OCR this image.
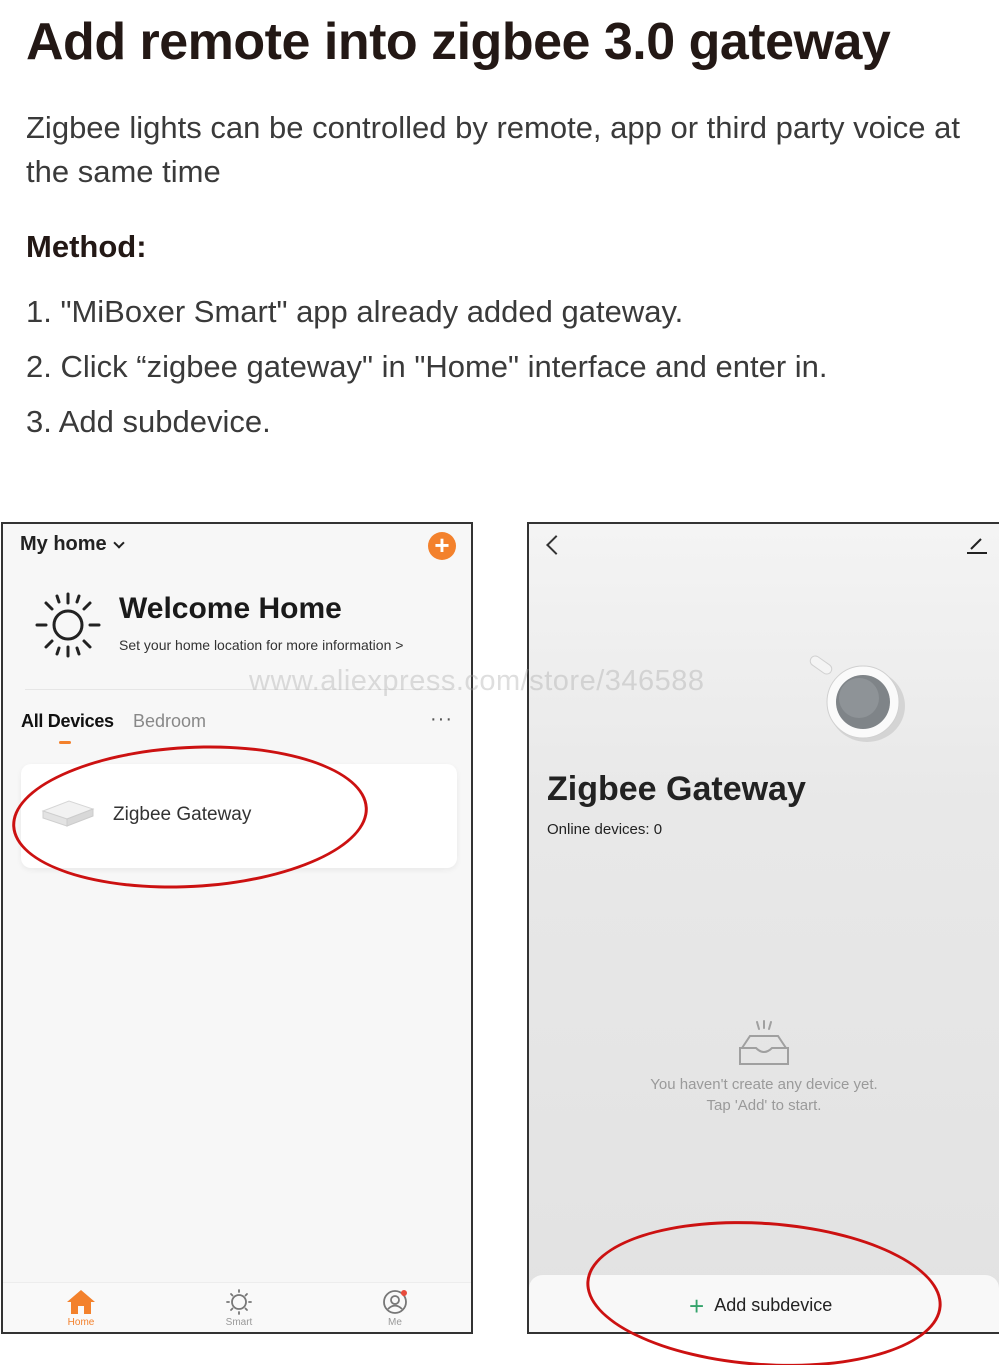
Add remote into zigbee 3.0 gateway
Zigbee lights can be controlled by remote, app or third party voice at the same time
Method:
1. "MiBoxer Smart" app already added gateway.
2. Click “zigbee gateway" in "Home" interface and enter in.
3. Add subdevice.
My home	+
Welcome Home
Set your home location for more information >
All Devices Bedroom	···
Zigbee Gateway
Home	Smart	Me
Zigbee Gateway
Online devices: 0
You haven't create any device yet.
Tap 'Add' to start.
+ Add subdevice
www.aliexpress.com/store/346588
